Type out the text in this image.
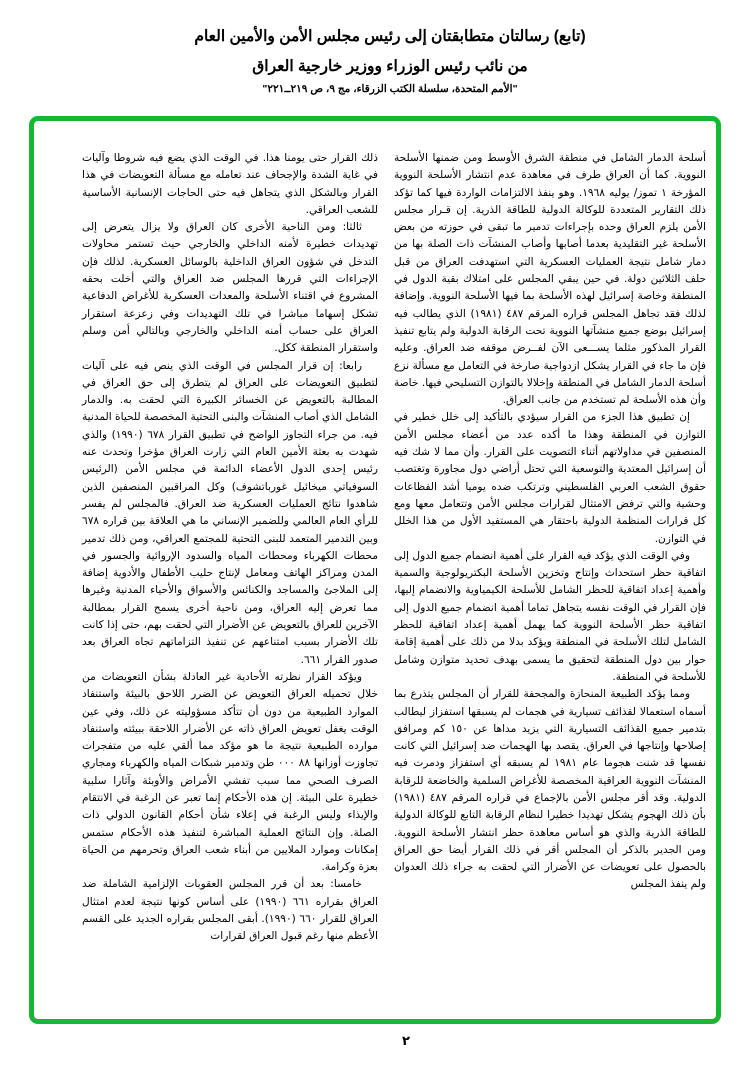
(تابع) رسالتان متطابقتان إلى رئيس مجلس الأمن والأمين العام
من نائب رئيس الوزراء ووزير خارجية العراق
"الأمم المتحدة، سلسلة الكتب الزرقاء، مج ٩، ص ٢١٩ــ٢٢١"

أسلحة الدمار الشامل في منطقة الشرق الأوسط ومن ضمنها الأسلحة النووية. كما أن العراق طرف في معاهدة عدم انتشار الأسلحة النووية المؤرخة ١ تموز/ يوليه ١٩٦٨. وهو ينفذ الالتزامات الواردة فيها كما تؤكد ذلك التقارير المتعددة للوكالة الدولية للطاقة الذرية. إن قـرار مجلس الأمن يلزم العراق وحده بإجراءات تدمير ما تبقى في حوزته من بعض الأسلحة غير التقليدية بعدما أصابها وأصاب المنشآت ذات الصلة بها من دمار شامل نتيجة العمليات العسكرية التي استهدفت العراق من قبل حلف الثلاثين دولة. في حين يبقي المجلس على امتلاك بقية الدول في المنطقة وخاصة إسرائيل لهذه الأسلحة بما فيها الأسلحة النووية. وإضافة لذلك فقد تجاهل المجلس قراره المرقم ٤٨٧ (١٩٨١) الذي يطالب فيه إسرائيل بوضع جميع منشآتها النووية تحت الرقابة الدولية ولم يتابع تنفيذ القرار المذكور مثلما يســـعى الآن لفــرض موقفه ضد العراق. وعليه فإن ما جاء في القرار يشكل ازدواجية صارخة في التعامل مع مسألة نزع أسلحة الدمار الشامل في المنطقة وإخلالا بالتوازن التسليحي فيها. خاصة وأن هذه الأسلحة لم تستخدم من جانب العراق.

إن تطبيق هذا الجزء من القرار سيؤدي بالتأكيد إلى خلل خطير في التوازن في المنطقة وهذا ما أكده عدد من أعضاء مجلس الأمن المنصفين في مداولاتهم أثناء التصويت على القرار. وأن مما لا شك فيه أن إسرائيل المعتدية والتوسعية التي تحتل أراضي دول مجاورة وتغتصب حقوق الشعب العربي الفلسطيني وترتكب ضده يوميا أشد الفظاعات وحشية والتي ترفض الامتثال لقرارات مجلس الأمن وتتعامل معها ومع كل قرارات المنظمة الدولية باحتقار هي المستفيد الأول من هذا الخلل في التوازن.

وفي الوقت الذي يؤكد فيه القرار على أهمية انضمام جميع الدول إلى اتفاقية حظر استحداث وإنتاج وتخزين الأسلحة البكتريولوجية والسمية وأهمية إعداد اتفاقية للحظر الشامل للأسلحة الكيمياوية والانضمام إليها، فإن القرار في الوقت نفسه يتجاهل تماما أهمية انضمام جميع الدول إلى اتفاقية حظر الأسلحة النووية كما يهمل أهمية إعداد اتفاقية للحظر الشامل لتلك الأسلحة في المنطقة ويؤكد بدلا من ذلك على أهمية إقامة حوار بين دول المنطقة لتحقيق ما يسمى بهدف تحديد متوازن وشامل للأسلحة في المنطقة.

ومما يؤكد الطبيعة المنحازة والمجحفة للقرار أن المجلس يتذرع بما أسماه استعمالا لقذائف تسيارية في هجمات لم يسبقها استفزاز ليطالب بتدمير جميع القذائف التسيارية التي يزيد مداها عن ١٥٠ كم ومرافق إصلاحها وإنتاجها في العراق. يقصد بها الهجمات ضد إسرائيل التي كانت نفسها قد شنت هجوما عام ١٩٨١ لم يسبقه أي استفزاز ودمرت فيه المنشآت النووية العراقية المخصصة للأغراض السلمية والخاضعة للرقابة الدولية. وقد أقر مجلس الأمن بالإجماع في قراره المرقم ٤٨٧ (١٩٨١) بأن ذلك الهجوم يشكل تهديدا خطيرا لنظام الرقابة التابع للوكالة الدولية للطاقة الذرية والذي هو أساس معاهدة حظر انتشار الأسلحة النووية. ومن الجدير بالذكر أن المجلس أقر في ذلك القرار أيضا حق العراق بالحصول على تعويضات عن الأضرار التي لحقت به جراء ذلك العدوان ولم ينفذ المجلس

ذلك القرار حتى يومنا هذا. في الوقت الذي يضع فيه شروطا وآليات في غاية الشدة والإجحاف عند تعامله مع مسألة التعويضات في هذا القرار وبالشكل الذي يتجاهل فيه حتى الحاجات الإنسانية الأساسية للشعب العراقي.

ثالثا: ومن الناحية الأخرى كان العراق ولا يزال يتعرض إلى تهديدات خطيرة لأمنه الداخلي والخارجي حيث تستمر محاولات التدخل في شؤون العراق الداخلية بالوسائل العسكرية. لذلك فإن الإجراءات التي قررها المجلس ضد العراق والتي أخلت بحقه المشروع في اقتناء الأسلحة والمعدات العسكرية للأغراض الدفاعية تشكل إسهاما مباشرا في تلك التهديدات وفي زعزعة استقرار العراق على حساب أمنه الداخلي والخارجي وبالتالي أمن وسلم واستقرار المنطقة ككل.

رابعا: إن قرار المجلس في الوقت الذي ينص فيه على آليات لتطبيق التعويضات على العراق لم يتطرق إلى حق العراق في المطالبة بالتعويض عن الخسائر الكبيرة التي لحقت به. والدمار الشامل الذي أصاب المنشآت والبنى التحتية المخصصة للحياة المدنية فيه. من جراء التجاوز الواضح في تطبيق القرار ٦٧٨ (١٩٩٠) والذي شهدت به بعثة الأمين العام التي زارت العراق مؤخرا وتحدث عنه رئيس إحدى الدول الأعضاء الدائمة في مجلس الأمن (الرئيس السوفياتي ميخائيل غورباتشوف) وكل المراقبين المنصفين الذين شاهدوا نتائج العمليات العسكرية ضد العراق. فالمجلس لم يفسر للرأي العام العالمي وللضمير الإنساني ما هي العلاقة بين قراره ٦٧٨ وبين التدمير المتعمد للبنى التحتية للمجتمع العراقي، ومن ذلك تدمير محطات الكهرباء ومحطات المياه والسدود الإروائية والجسور في المدن ومراكز الهاتف ومعامل لإنتاج حليب الأطفال والأدوية إضافة إلى الملاجئ والمساجد والكنائس والأسواق والأحياء المدنية وغيرها مما تعرض إليه العراق، ومن ناحية أخرى يسمح القرار بمطالبة الآخرين للعراق بالتعويض عن الأضرار التي لحقت بهم، حتى إذا كانت تلك الأضرار بسبب امتناعهم عن تنفيذ التزاماتهم تجاه العراق بعد صدور القرار ٦٦١.

ويؤكد القرار نظرته الأحادية غير العادلة بشأن التعويضات من خلال تحميله العراق التعويض عن الضرر اللاحق بالبيئة واستنفاد الموارد الطبيعية من دون أن تتأكد مسؤوليته عن ذلك، وفي عين الوقت يغفل تعويض العراق ذاته عن الأضرار اللاحقة ببيئته واستنفاد موارده الطبيعية نتيجة ما هو مؤكد مما ألقي عليه من متفجرات تجاوزت أوزانها ٨٨ ٠٠٠ طن وتدمير شبكات المياه والكهرباء ومجاري الصرف الصحي مما سبب تفشي الأمراض والأوبئة وآثارا سلبية خطيرة على البيئة. إن هذه الأحكام إنما تعبر عن الرغبة في الانتقام والإيذاء وليس الرغبة في إعلاء شأن أحكام القانون الدولي ذات الصلة. وإن النتائج العملية المباشرة لتنفيذ هذه الأحكام ستمس إمكانات وموارد الملايين من أبناء شعب العراق وتحرمهم من الحياة بعزة وكرامة.

خامسا: بعد أن قرر المجلس العقوبات الإلزامية الشاملة ضد العراق بقراره ٦٦١ (١٩٩٠) على أساس كونها نتيجة لعدم امتثال العراق للقرار ٦٦٠ (١٩٩٠). أبقى المجلس بقراره الجديد على القسم الأعظم منها رغم قبول العراق لقرارات

٢
